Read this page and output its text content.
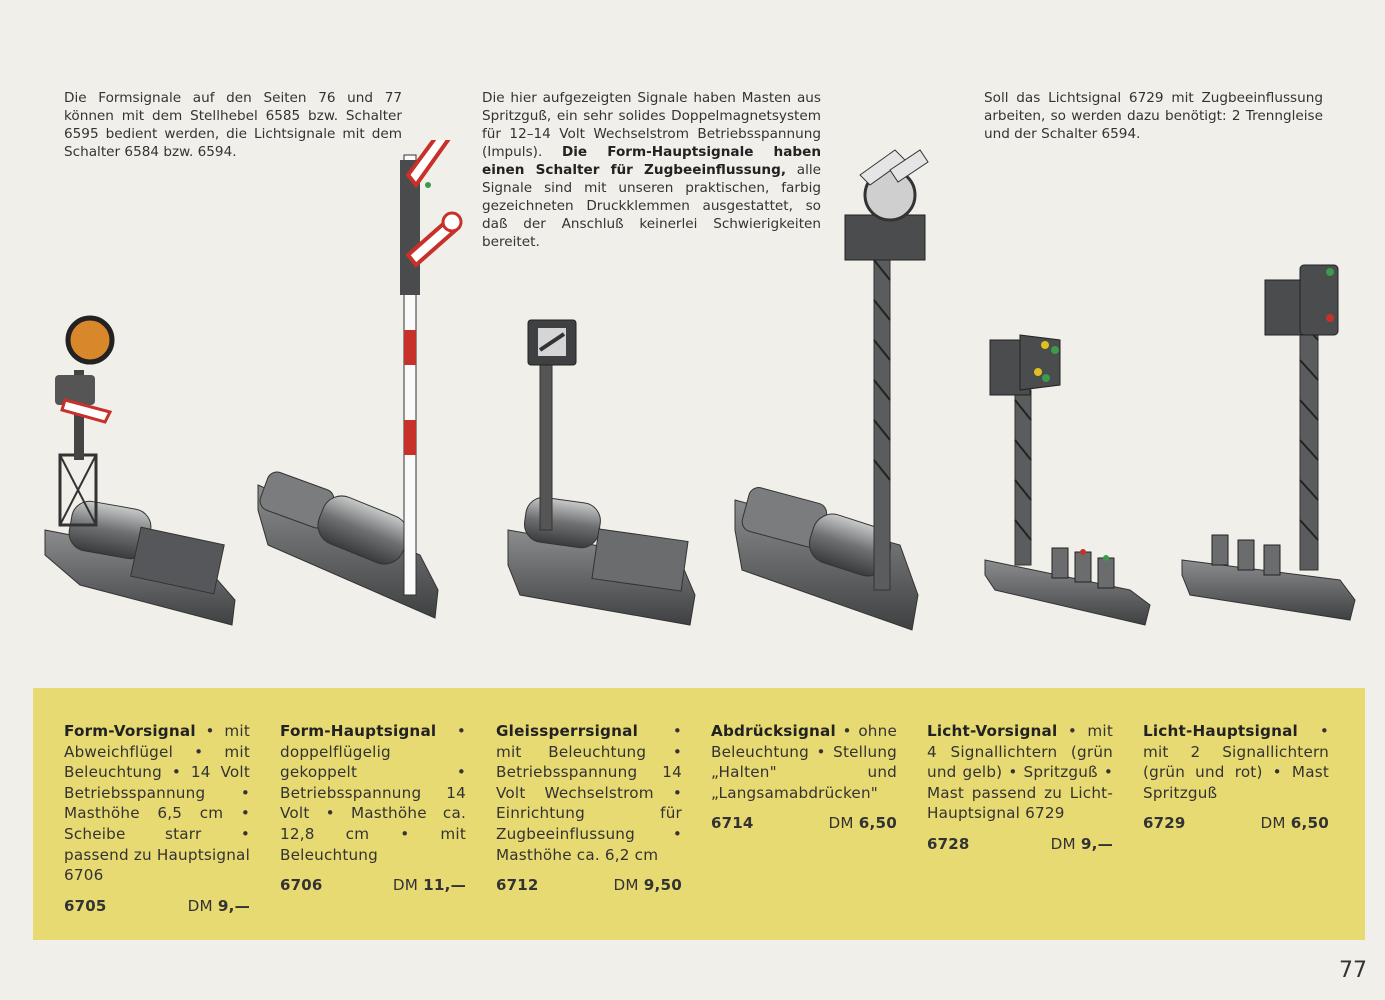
Die Formsignale auf den Seiten 76 und 77 können mit dem Stellhebel 6585 bzw. Schalter 6595 bedient werden, die Lichtsignale mit dem Schalter 6584 bzw. 6594.
Die hier aufgezeigten Signale haben Masten aus Spritzguß, ein sehr solides Doppelmagnetsystem für 12–14 Volt Wechselstrom Betriebsspannung (Impuls). Die Form-Hauptsignale haben einen Schalter für Zugbeeinflussung, alle Signale sind mit unseren praktischen, farbig gezeichneten Druckklemmen ausgestattet, so daß der Anschluß keinerlei Schwierigkeiten bereitet.
Soll das Lichtsignal 6729 mit Zugbeeinflussung arbeiten, so werden dazu benötigt: 2 Trenngleise und der Schalter 6594.
Form-Vorsignal • mit Abweichflügel • mit Beleuchtung • 14 Volt Betriebsspannung • Masthöhe 6,5 cm • Scheibe starr • passend zu Hauptsignal 6706
6705	DM 9,—
Form-Hauptsignal • doppelflügelig gekoppelt • Betriebsspannung 14 Volt • Masthöhe ca. 12,8 cm • mit Beleuchtung
6706	DM 11,—
Gleissperrsignal • mit Beleuchtung • Betriebsspannung 14 Volt Wechselstrom • Einrichtung für Zugbeeinflussung • Masthöhe ca. 6,2 cm
6712	DM 9,50
Abdrücksignal • ohne Beleuchtung • Stellung „Halten" und „Langsamabdrücken"
6714	DM 6,50
Licht-Vorsignal • mit 4 Signallichtern (grün und gelb) • Spritzguß • Mast passend zu Licht-Hauptsignal 6729
6728	DM 9,—
Licht-Hauptsignal • mit 2 Signallichtern (grün und rot) • Mast Spritzguß
6729	DM 6,50
77
